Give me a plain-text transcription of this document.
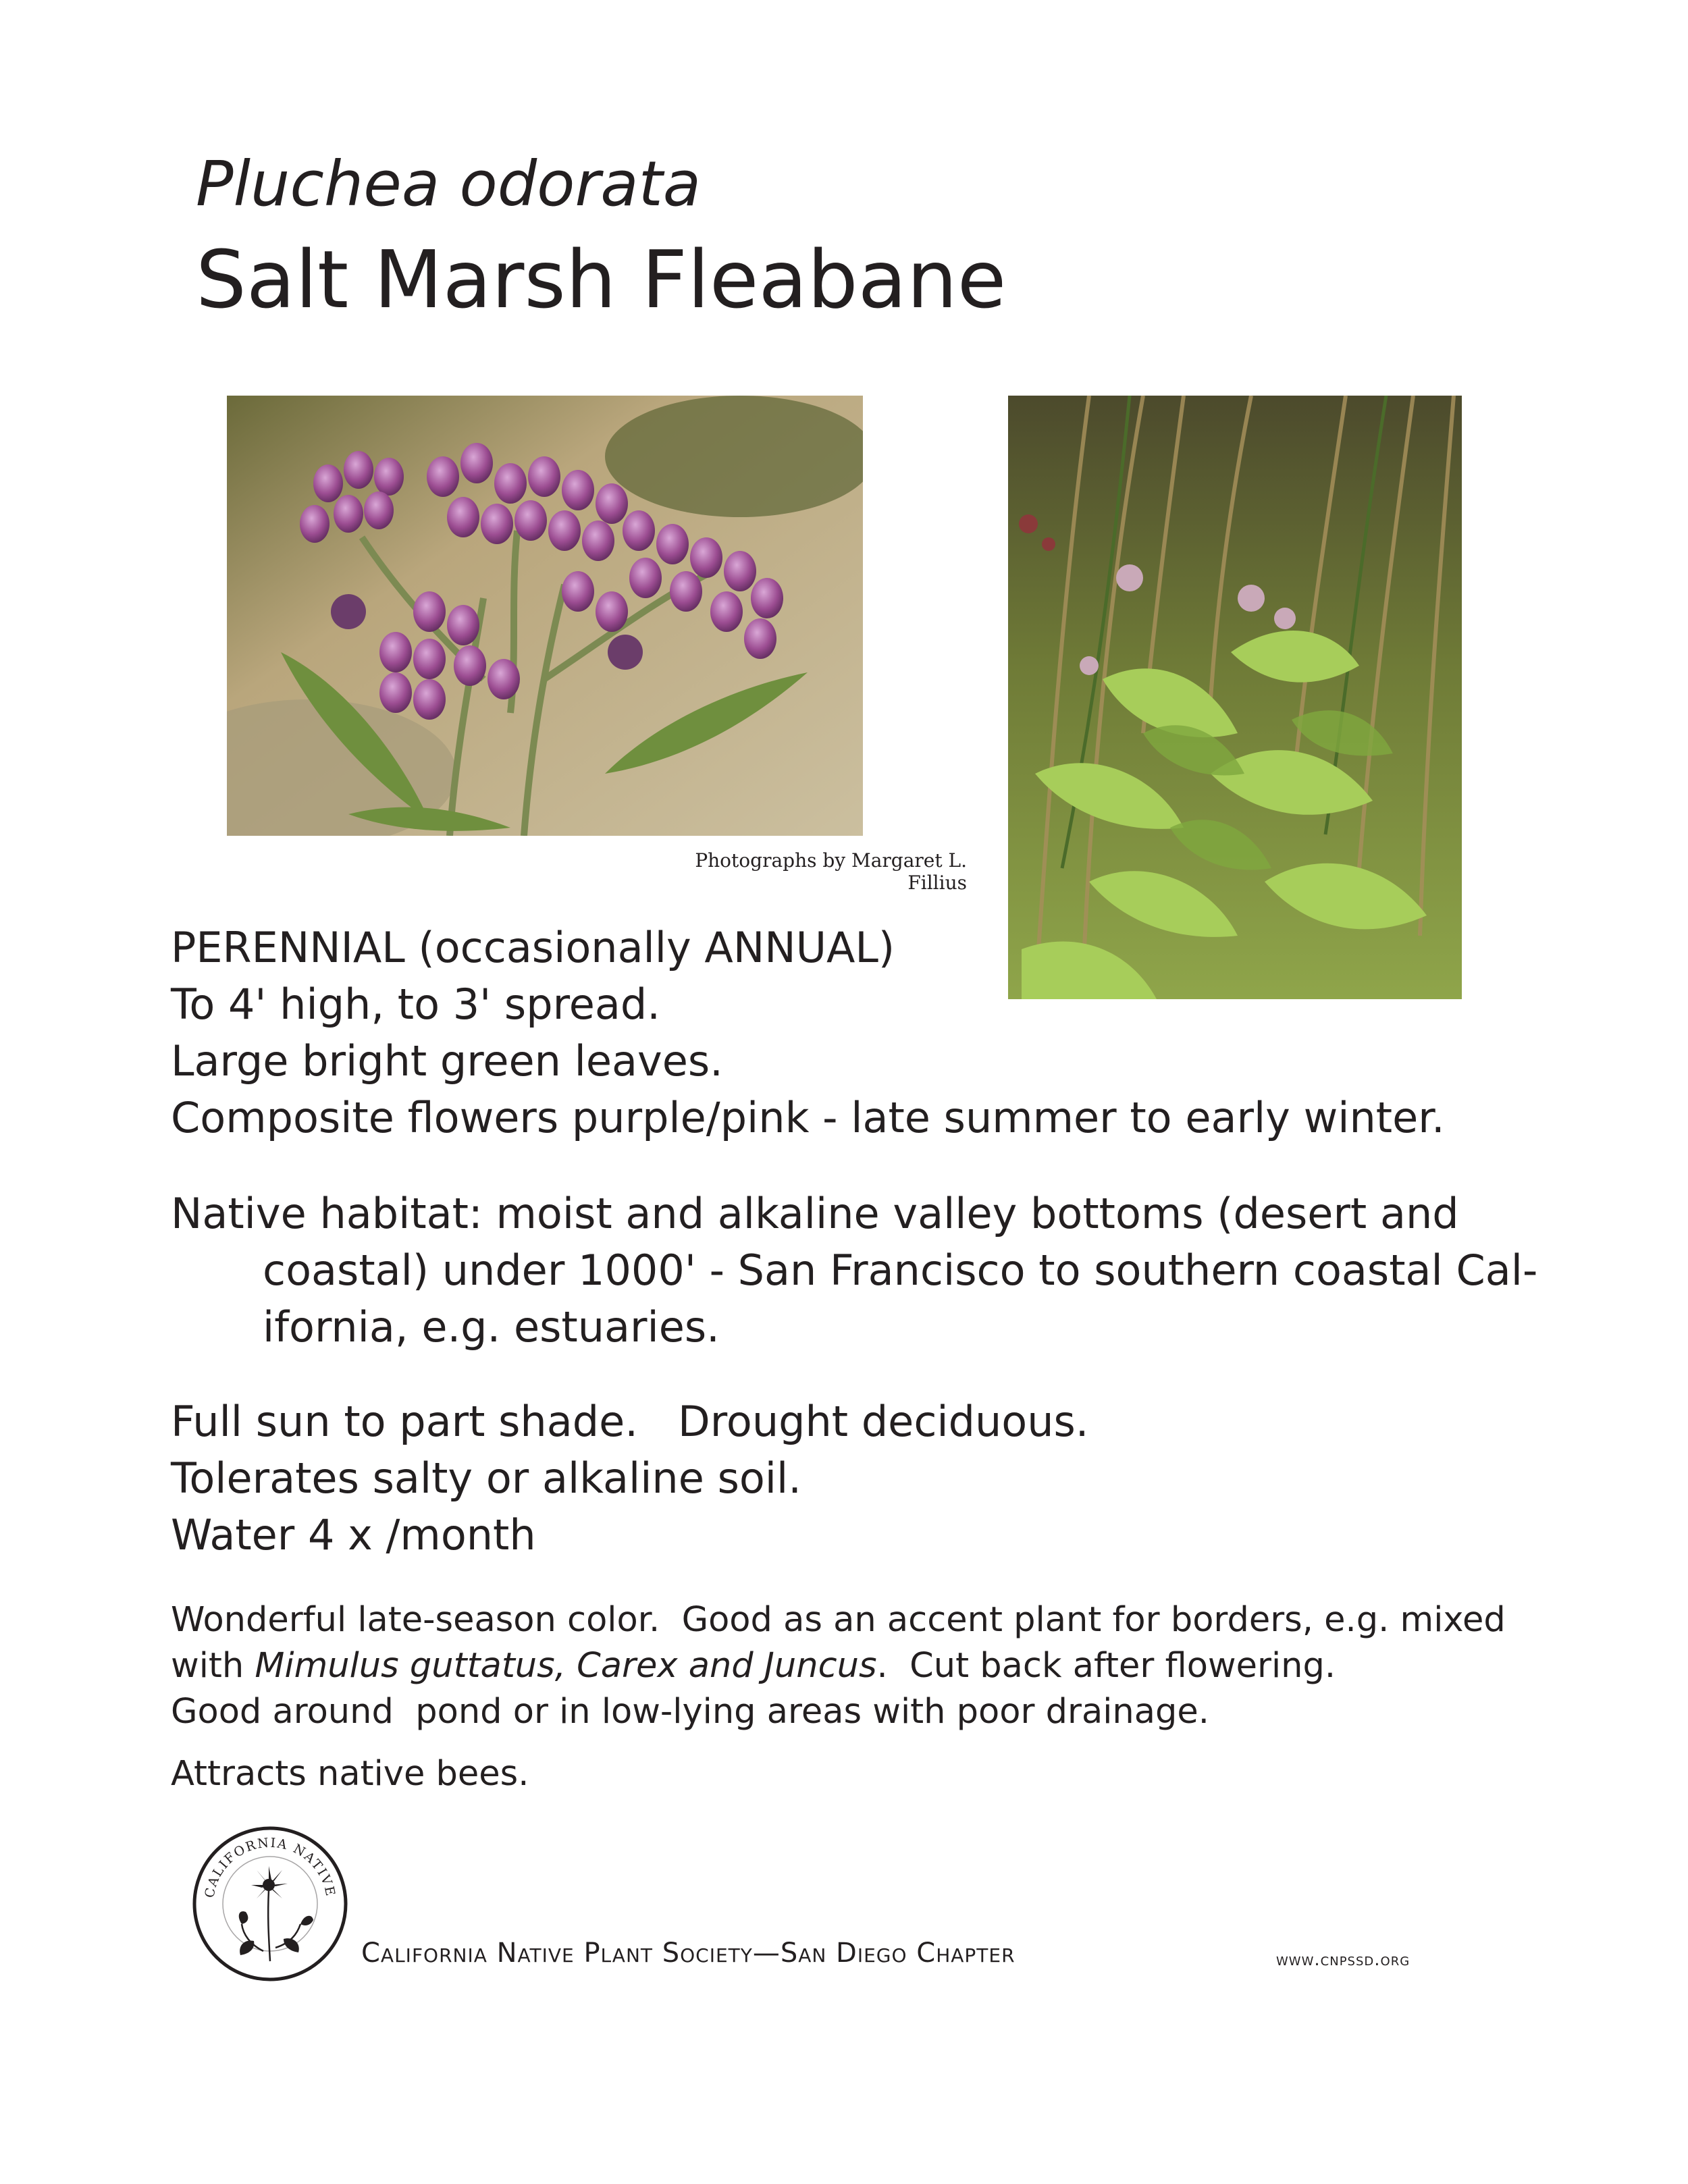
Pluchea odorata
Salt Marsh Fleabane
Photographs by Margaret L. Fillius
PERENNIAL (occasionally ANNUAL)
To 4' high, to 3' spread.
Large bright green leaves.
Composite flowers purple/pink - late summer to early winter.
Native habitat: moist and alkaline valley bottoms (desert and
coastal) under 1000' - San Francisco to southern coastal Cal-
ifornia, e.g. estuaries.
Full sun to part shade.   Drought deciduous.
Tolerates salty or alkaline soil.
Water 4 x /month
Wonderful late-season color.  Good as an accent plant for borders, e.g. mixed
with Mimulus guttatus, Carex and Juncus.  Cut back after flowering.
Good around  pond or in low-lying areas with poor drainage.
Attracts native bees.
CALIFORNIA NATIVE
California Native Plant Society—San Diego Chapter	www.cnpssd.org
